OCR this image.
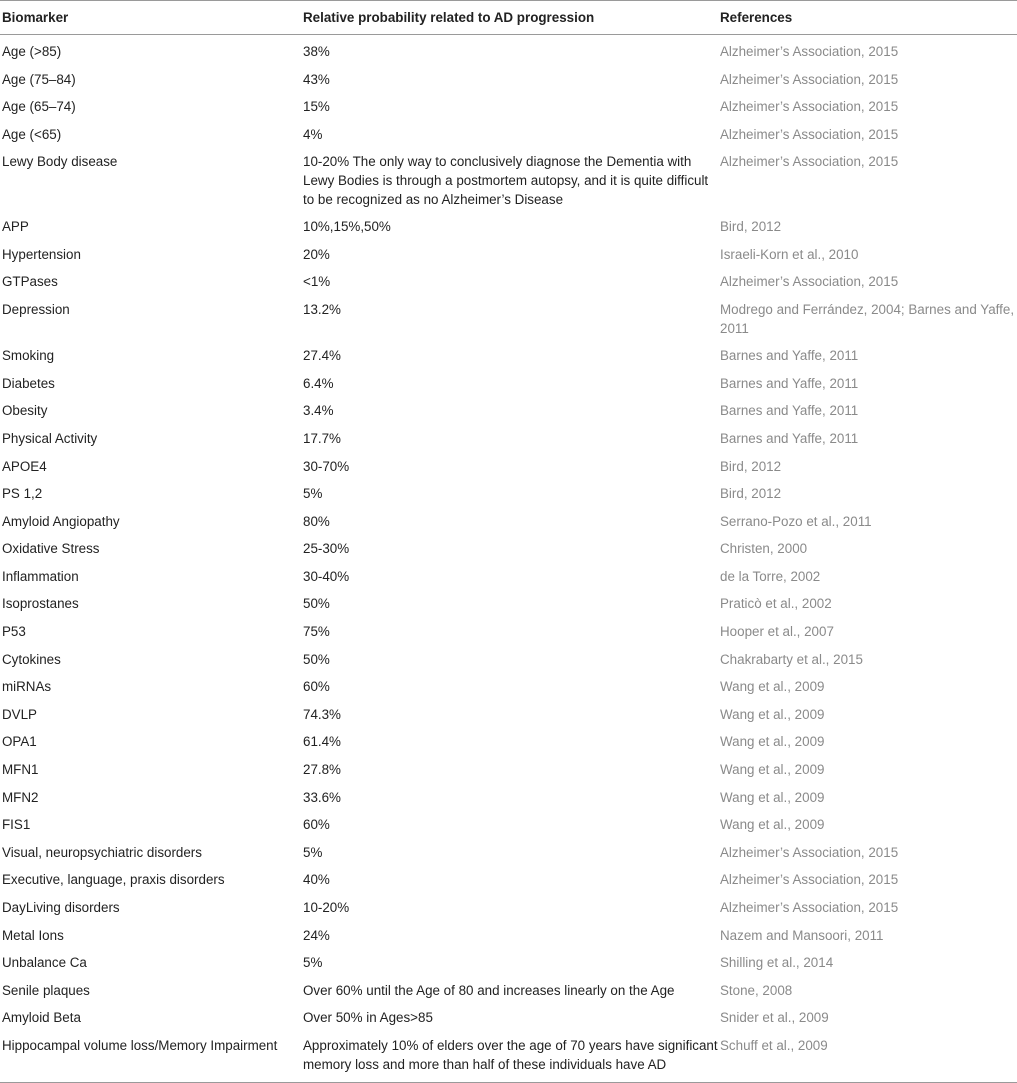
Biomarker	Relative probability related to AD progression	References
Age (>85)	38%	Alzheimer’s Association, 2015
Age (75–84)	43%	Alzheimer’s Association, 2015
Age (65–74)	15%	Alzheimer’s Association, 2015
Age (<65)	4%	Alzheimer’s Association, 2015
Lewy Body disease	10-20% The only way to conclusively diagnose the Dementia with Lewy Bodies is through a postmortem autopsy, and it is quite difficult to be recognized as no Alzheimer’s Disease	Alzheimer’s Association, 2015
APP	10%,15%,50%	Bird, 2012
Hypertension	20%	Israeli-Korn et al., 2010
GTPases	<1%	Alzheimer’s Association, 2015
Depression	13.2%	Modrego and Ferrández, 2004; Barnes and Yaffe, 2011
Smoking	27.4%	Barnes and Yaffe, 2011
Diabetes	6.4%	Barnes and Yaffe, 2011
Obesity	3.4%	Barnes and Yaffe, 2011
Physical Activity	17.7%	Barnes and Yaffe, 2011
APOE4	30-70%	Bird, 2012
PS 1,2	5%	Bird, 2012
Amyloid Angiopathy	80%	Serrano-Pozo et al., 2011
Oxidative Stress	25-30%	Christen, 2000
Inflammation	30-40%	de la Torre, 2002
Isoprostanes	50%	Praticò et al., 2002
P53	75%	Hooper et al., 2007
Cytokines	50%	Chakrabarty et al., 2015
miRNAs	60%	Wang et al., 2009
DVLP	74.3%	Wang et al., 2009
OPA1	61.4%	Wang et al., 2009
MFN1	27.8%	Wang et al., 2009
MFN2	33.6%	Wang et al., 2009
FIS1	60%	Wang et al., 2009
Visual, neuropsychiatric disorders	5%	Alzheimer’s Association, 2015
Executive, language, praxis disorders	40%	Alzheimer’s Association, 2015
DayLiving disorders	10-20%	Alzheimer’s Association, 2015
Metal Ions	24%	Nazem and Mansoori, 2011
Unbalance Ca	5%	Shilling et al., 2014
Senile plaques	Over 60% until the Age of 80 and increases linearly on the Age	Stone, 2008
Amyloid Beta	Over 50% in Ages>85	Snider et al., 2009
Hippocampal volume loss/Memory Impairment	Approximately 10% of elders over the age of 70 years have significant memory loss and more than half of these individuals have AD	Schuff et al., 2009
